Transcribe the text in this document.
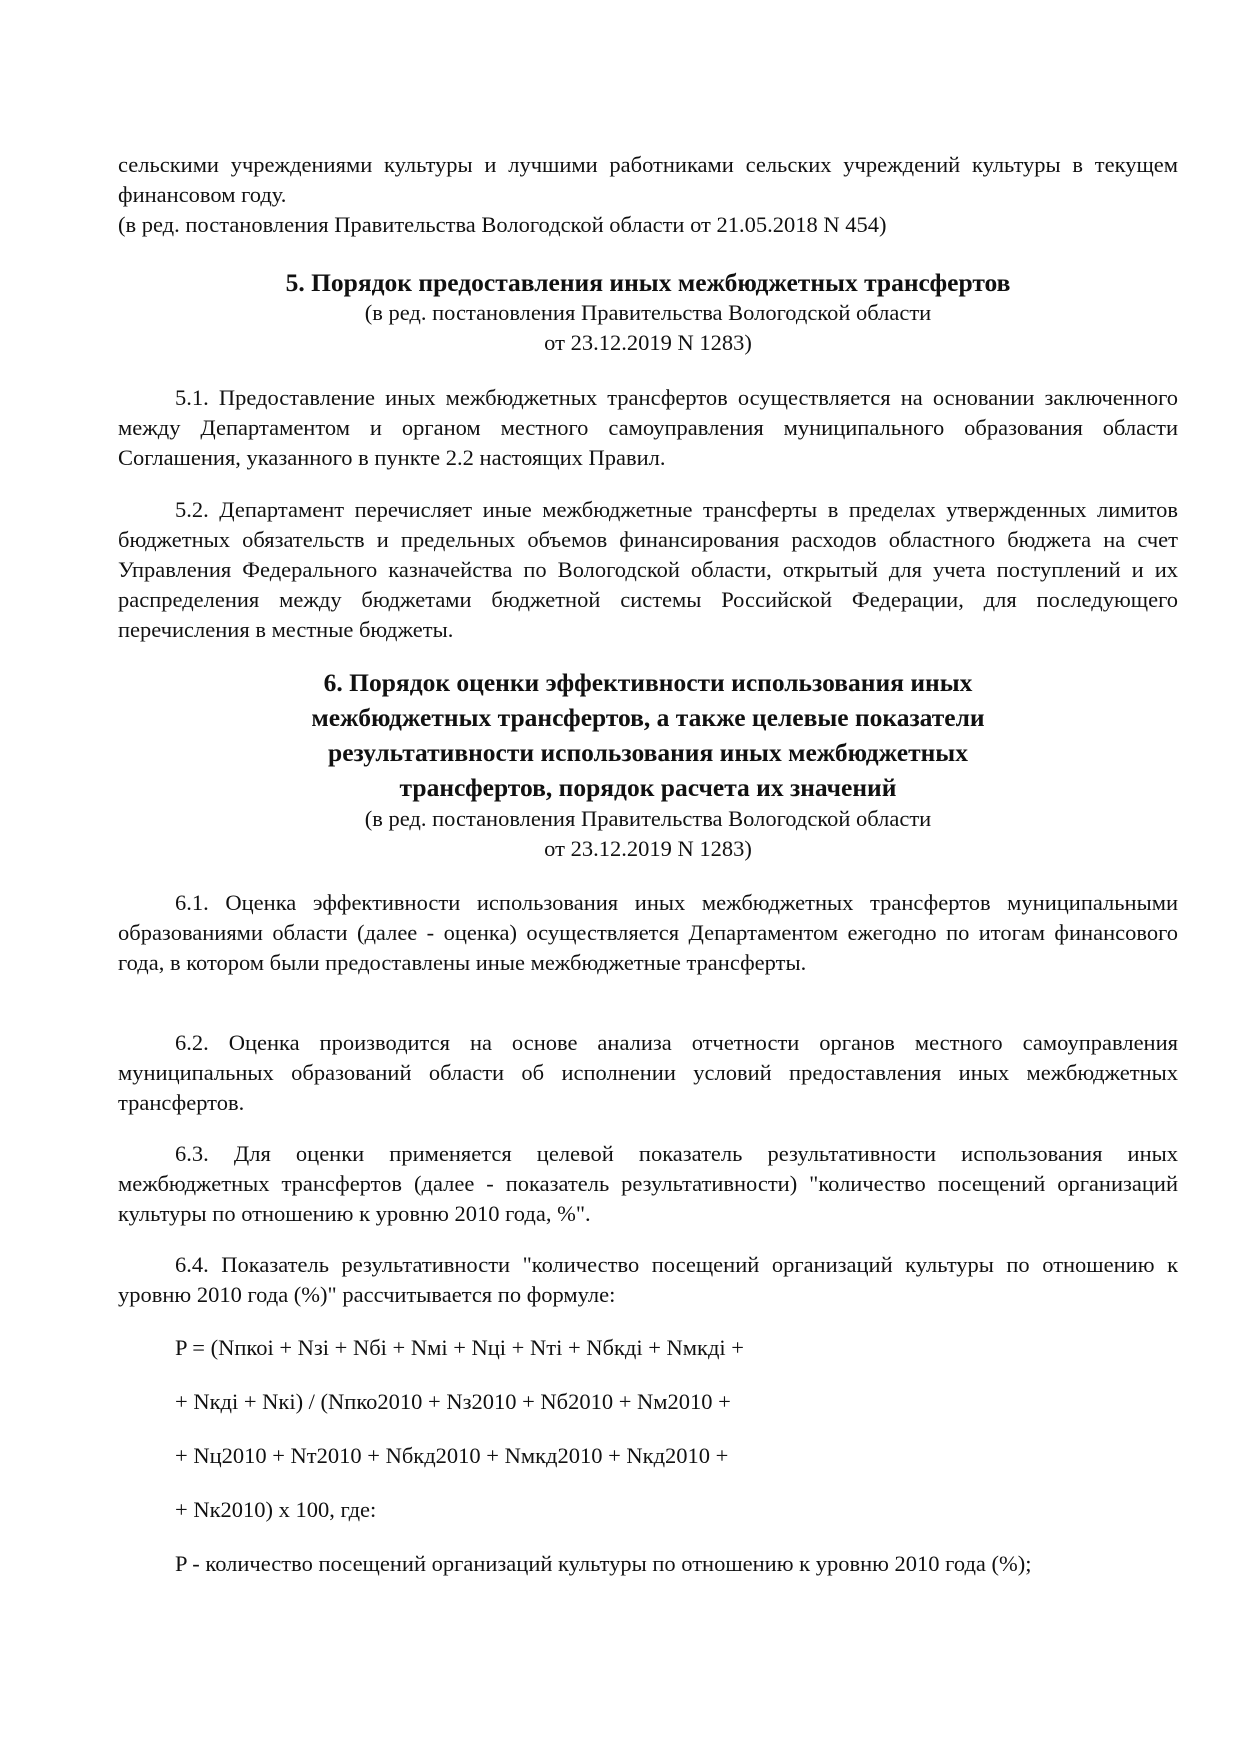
сельскими учреждениями культуры и лучшими работниками сельских учреждений культуры в текущем финансовом году.
(в ред. постановления Правительства Вологодской области от 21.05.2018 N 454)
5. Порядок предоставления иных межбюджетных трансфертов
(в ред. постановления Правительства Вологодской области
от 23.12.2019 N 1283)
5.1. Предоставление иных межбюджетных трансфертов осуществляется на основании заключенного между Департаментом и органом местного самоуправления муниципального образования области Соглашения, указанного в пункте 2.2 настоящих Правил.
5.2. Департамент перечисляет иные межбюджетные трансферты в пределах утвержденных лимитов бюджетных обязательств и предельных объемов финансирования расходов областного бюджета на счет Управления Федерального казначейства по Вологодской области, открытый для учета поступлений и их распределения между бюджетами бюджетной системы Российской Федерации, для последующего перечисления в местные бюджеты.
6. Порядок оценки эффективности использования иных
межбюджетных трансфертов, а также целевые показатели
результативности использования иных межбюджетных
трансфертов, порядок расчета их значений
(в ред. постановления Правительства Вологодской области
от 23.12.2019 N 1283)
6.1. Оценка эффективности использования иных межбюджетных трансфертов муниципальными образованиями области (далее - оценка) осуществляется Департаментом ежегодно по итогам финансового года, в котором были предоставлены иные межбюджетные трансферты.
6.2. Оценка производится на основе анализа отчетности органов местного самоуправления муниципальных образований области об исполнении условий предоставления иных межбюджетных трансфертов.
6.3. Для оценки применяется целевой показатель результативности использования иных межбюджетных трансфертов (далее - показатель результативности) "количество посещений организаций культуры по отношению к уровню 2010 года, %".
6.4. Показатель результативности "количество посещений организаций культуры по отношению к уровню 2010 года (%)" рассчитывается по формуле:
P = (Nпкоi + Nзi + Nбi + Nмi + Nцi + Nтi + Nбкдi + Nмкдi +
+ Nкдi + Nкi) / (Nпко2010 + Nз2010 + Nб2010 + Nм2010 +
+ Nц2010 + Nт2010 + Nбкд2010 + Nмкд2010 + Nкд2010 +
+ Nк2010) x 100, где:
P - количество посещений организаций культуры по отношению к уровню 2010 года (%);
